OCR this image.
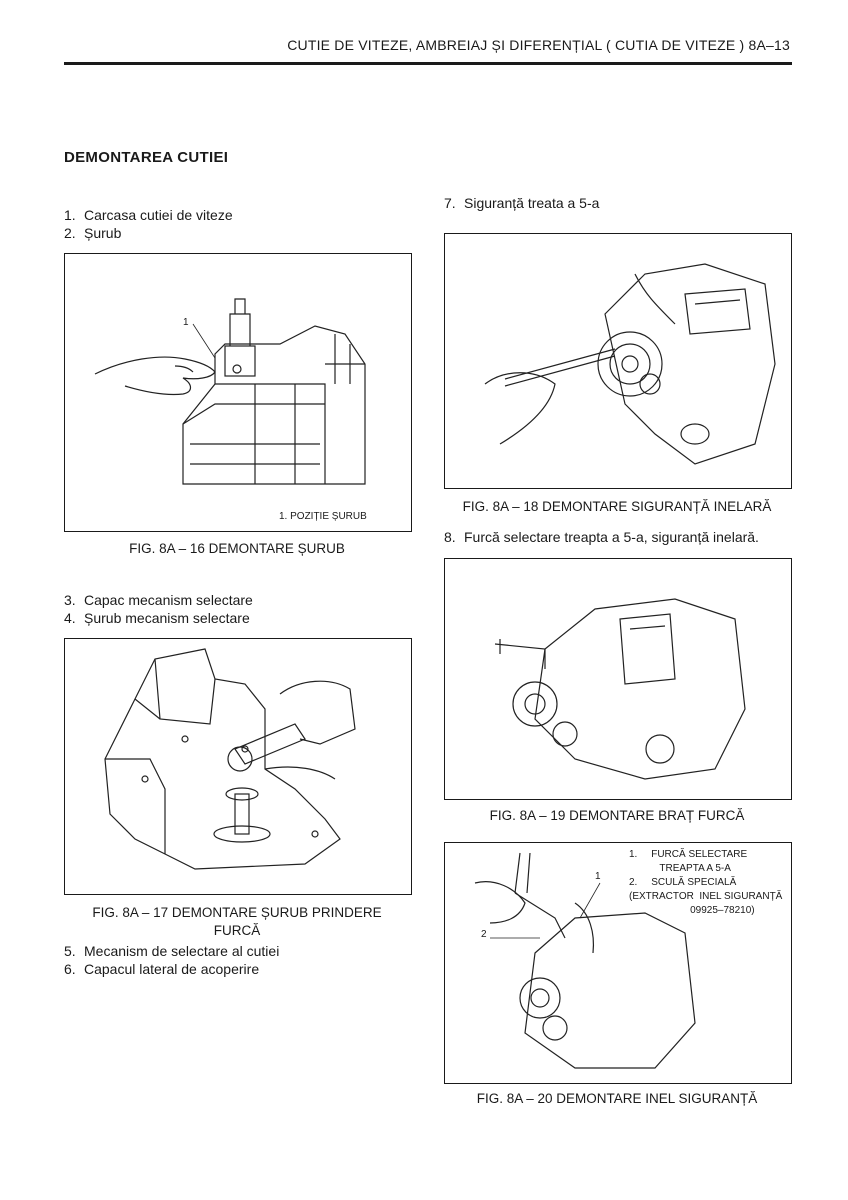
CUTIE DE VITEZE, AMBREIAJ ȘI DIFERENȚIAL ( CUTIA DE VITEZE ) 8A–13
DEMONTAREA CUTIEI
1. Carcasa cutiei de viteze
2. Șurub
1
1. POZIȚIE ȘURUB
FIG. 8A – 16 DEMONTARE ȘURUB
3. Capac mecanism selectare
4. Șurub mecanism selectare
FIG. 8A – 17 DEMONTARE ȘURUB PRINDERE
FURCĂ
5. Mecanism de selectare al cutiei
6. Capacul lateral de acoperire
7. Siguranță treata a 5-a
FIG. 8A – 18 DEMONTARE SIGURANȚĂ INELARĂ
8. Furcă selectare treapta a 5-a, siguranță inelară.
FIG. 8A – 19 DEMONTARE BRAȚ FURCĂ
1
2
1.     FURCĂ SELECTARE
TREAPTA A 5-A
2.     SCULĂ SPECIALĂ
(EXTRACTOR  INEL SIGURANȚĂ
09925–78210)
FIG. 8A – 20 DEMONTARE INEL SIGURANȚĂ
